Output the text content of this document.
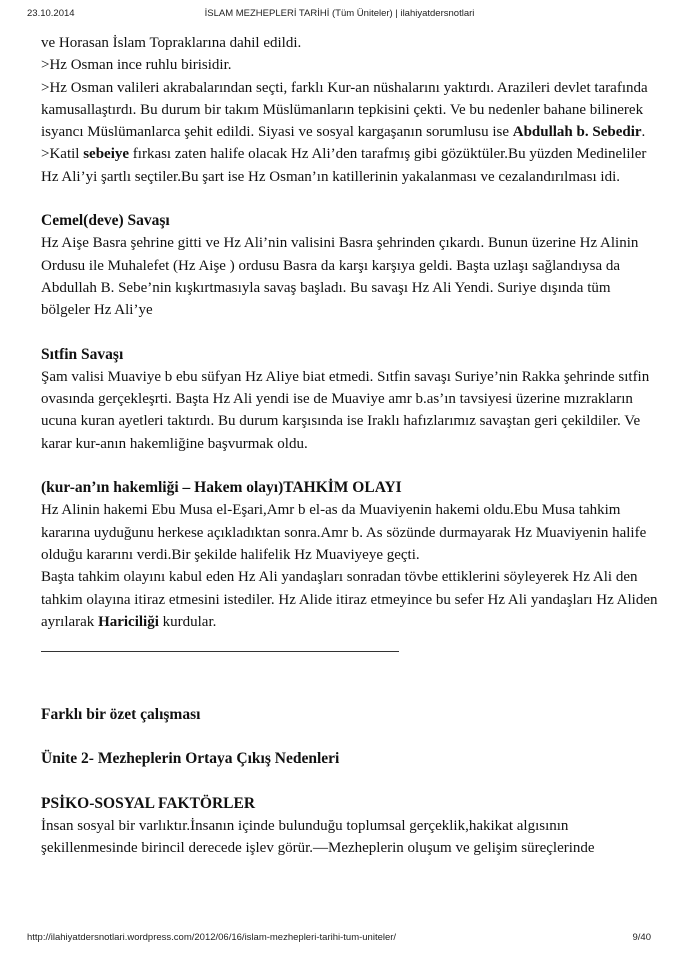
23.10.2014	İSLAM MEZHEPLERİ TARİHİ (Tüm Üniteler) | ilahiyatdersnotlari

ve Horasan İslam Topraklarına dahil edildi.

>Hz Osman ince ruhlu birisidir.

>Hz Osman valileri akrabalarından seçti, farklı Kur-an nüshalarını yaktırdı. Arazileri devlet tarafında kamusallaştırdı. Bu durum bir takım Müslümanların tepkisini çekti. Ve bu nedenler bahane bilinerek isyancı Müslümanlarca şehit edildi. Siyasi ve sosyal kargaşanın sorumlusu ise Abdullah b. Sebedir.

>Katil sebeiye fırkası zaten halife olacak Hz Ali’den tarafmış gibi gözüktüler.Bu yüzden Medineliler Hz Ali’yi şartlı seçtiler.Bu şart ise Hz Osman’ın katillerinin yakalanması ve cezalandırılması idi.

Cemel(deve) Savaşı

Hz Aişe Basra şehrine gitti ve Hz Ali’nin valisini Basra şehrinden çıkardı. Bunun üzerine Hz Alinin Ordusu ile Muhalefet (Hz Aişe ) ordusu Basra da karşı karşıya geldi. Başta uzlaşı sağlandıysa da Abdullah B. Sebe’nin kışkırtmasıyla savaş başladı. Bu savaşı Hz Ali Yendi. Suriye dışında tüm bölgeler Hz Ali’ye

Sıtfin Savaşı

Şam valisi Muaviye b ebu süfyan Hz Aliye biat etmedi. Sıtfin savaşı Suriye’nin Rakka şehrinde sıtfin ovasında gerçekleşrti. Başta Hz Ali yendi ise de Muaviye amr b.as’ın tavsiyesi üzerine mızrakların ucuna kuran ayetleri taktırdı. Bu durum karşısında ise Iraklı hafızlarımız savaştan geri çekildiler. Ve karar kur-anın hakemliğine başvurmak oldu.

(kur-an’ın hakemliği – Hakem olayı)TAHKİM OLAYI

Hz Alinin hakemi Ebu Musa el-Eşari,Amr b el-as da Muaviyenin hakemi oldu.Ebu Musa tahkim kararına uyduğunu herkese açıkladıktan sonra.Amr b. As sözünde durmayarak Hz Muaviyenin halife olduğu kararını verdi.Bir şekilde halifelik Hz Muaviyeye geçti.

Başta tahkim olayını kabul eden Hz Ali yandaşları sonradan tövbe ettiklerini söyleyerek Hz Ali den tahkim olayına itiraz etmesini istediler. Hz Alide itiraz etmeyince bu sefer Hz Ali yandaşları Hz Aliden ayrılarak Hariciliği kurdular.

Farklı bir özet çalışması
Ünite 2- Mezheplerin Ortaya Çıkış Nedenleri
PSİKO-SOSYAL FAKTÖRLER

İnsan sosyal bir varlıktır.İnsanın içinde bulunduğu toplumsal gerçeklik,hakikat algısının şekillenmesinde birincil derecede işlev görür.—Mezheplerin oluşum ve gelişim süreçlerinde

http://ilahiyatdersnotlari.wordpress.com/2012/06/16/islam-mezhepleri-tarihi-tum-uniteler/	9/40
